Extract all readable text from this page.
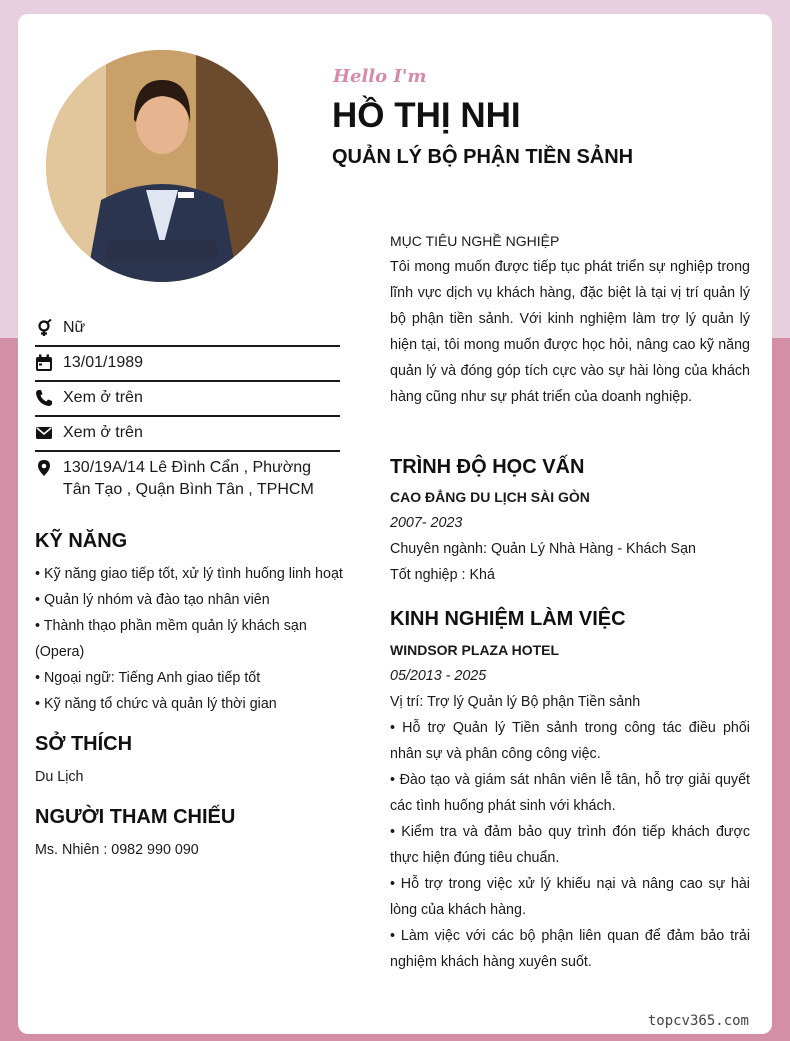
Hello I'm
HỒ THỊ NHI
QUẢN LÝ BỘ PHẬN TIỀN SẢNH
MỤC TIÊU NGHỀ NGHIỆP

Tôi mong muốn được tiếp tục phát triển sự nghiệp trong lĩnh vực dịch vụ khách hàng, đặc biệt là tại vị trí quản lý bộ phận tiền sảnh. Với kinh nghiệm làm trợ lý quản lý hiện tại, tôi mong muốn được học hỏi, nâng cao kỹ năng quản lý và đóng góp tích cực vào sự hài lòng của khách hàng cũng như sự phát triển của doanh nghiệp.

Nữ
13/01/1989
Xem ở trên
Xem ở trên
130/19A/14 Lê Đình Cẩn , Phường Tân Tạo , Quận Bình Tân , TPHCM
KỸ NĂNG
• Kỹ năng giao tiếp tốt, xử lý tình huống linh hoạt
• Quản lý nhóm và đào tạo nhân viên
• Thành thạo phần mềm quản lý khách sạn
(Opera)
• Ngoại ngữ: Tiếng Anh giao tiếp tốt
• Kỹ năng tổ chức và quản lý thời gian
SỞ THÍCH
Du Lịch
NGƯỜI THAM CHIẾU
Ms. Nhiên : 0982 990 090
TRÌNH ĐỘ HỌC VẤN
CAO ĐẲNG DU LỊCH SÀI GÒN
2007- 2023
Chuyên ngành: Quản Lý Nhà Hàng - Khách Sạn
Tốt nghiệp : Khá
KINH NGHIỆM LÀM VIỆC
WINDSOR PLAZA HOTEL
05/2013 - 2025
Vị trí: Trợ lý Quản lý Bộ phận Tiền sảnh

• Hỗ trợ Quản lý Tiền sảnh trong công tác điều phối nhân sự và phân công công việc.

• Đào tạo và giám sát nhân viên lễ tân, hỗ trợ giải quyết các tình huống phát sinh với khách.

• Kiểm tra và đảm bảo quy trình đón tiếp khách được thực hiện đúng tiêu chuẩn.

• Hỗ trợ trong việc xử lý khiếu nại và nâng cao sự hài lòng của khách hàng.

• Làm việc với các bộ phận liên quan để đảm bảo trải nghiệm khách hàng xuyên suốt.

topcv365.com
